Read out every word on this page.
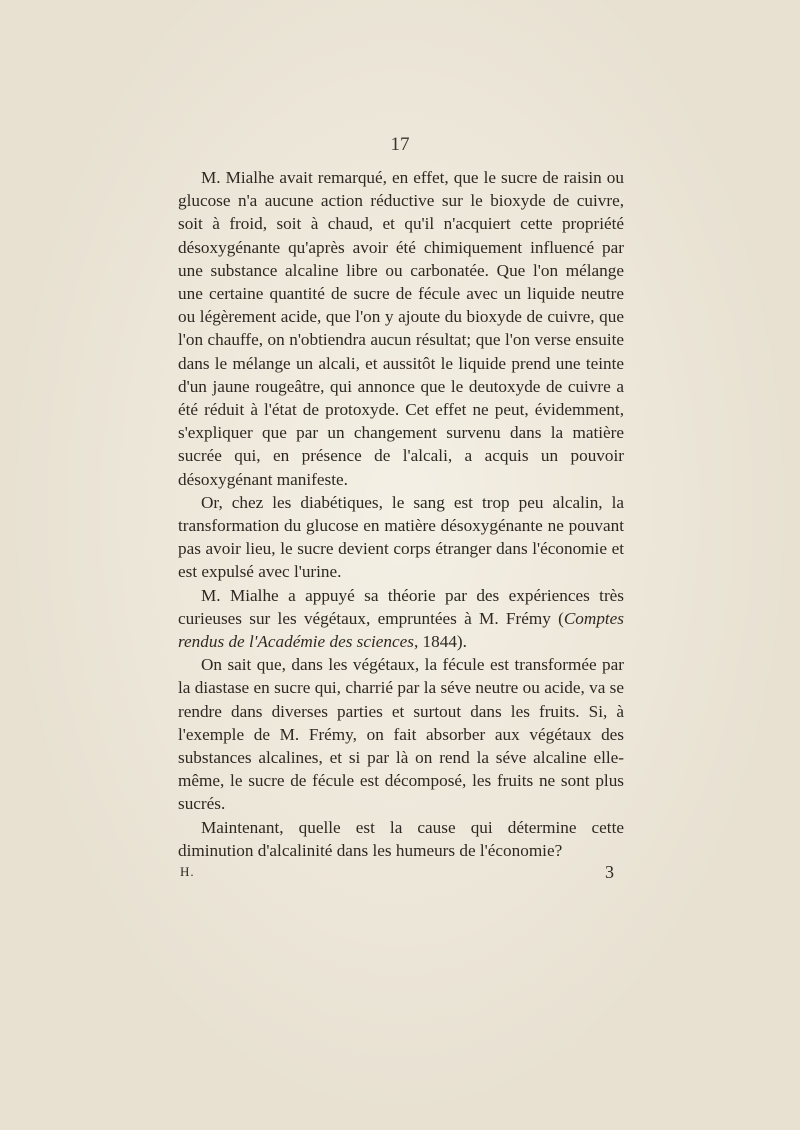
17

M. Mialhe avait remarqué, en effet, que le sucre de raisin ou glucose n'a aucune action réductive sur le bioxyde de cuivre, soit à froid, soit à chaud, et qu'il n'acquiert cette propriété désoxygénante qu'après avoir été chimiquement influencé par une substance alcaline libre ou carbonatée. Que l'on mélange une certaine quantité de sucre de fécule avec un liquide neutre ou légèrement acide, que l'on y ajoute du bioxyde de cuivre, que l'on chauffe, on n'obtiendra aucun résultat; que l'on verse ensuite dans le mélange un alcali, et aussitôt le liquide prend une teinte d'un jaune rougeâtre, qui annonce que le deutoxyde de cuivre a été réduit à l'état de protoxyde. Cet effet ne peut, évidemment, s'expliquer que par un changement survenu dans la matière sucrée qui, en présence de l'alcali, a acquis un pouvoir désoxygénant manifeste.

Or, chez les diabétiques, le sang est trop peu alcalin, la transformation du glucose en matière désoxygénante ne pouvant pas avoir lieu, le sucre devient corps étranger dans l'économie et est expulsé avec l'urine.

M. Mialhe a appuyé sa théorie par des expériences très curieuses sur les végétaux, empruntées à M. Frémy (Comptes rendus de l'Académie des sciences, 1844).

On sait que, dans les végétaux, la fécule est transformée par la diastase en sucre qui, charrié par la séve neutre ou acide, va se rendre dans diverses parties et surtout dans les fruits. Si, à l'exemple de M. Frémy, on fait absorber aux végétaux des substances alcalines, et si par là on rend la séve alcaline elle-même, le sucre de fécule est décomposé, les fruits ne sont plus sucrés.

Maintenant, quelle est la cause qui détermine cette diminution d'alcalinité dans les humeurs de l'économie?

H.	3
